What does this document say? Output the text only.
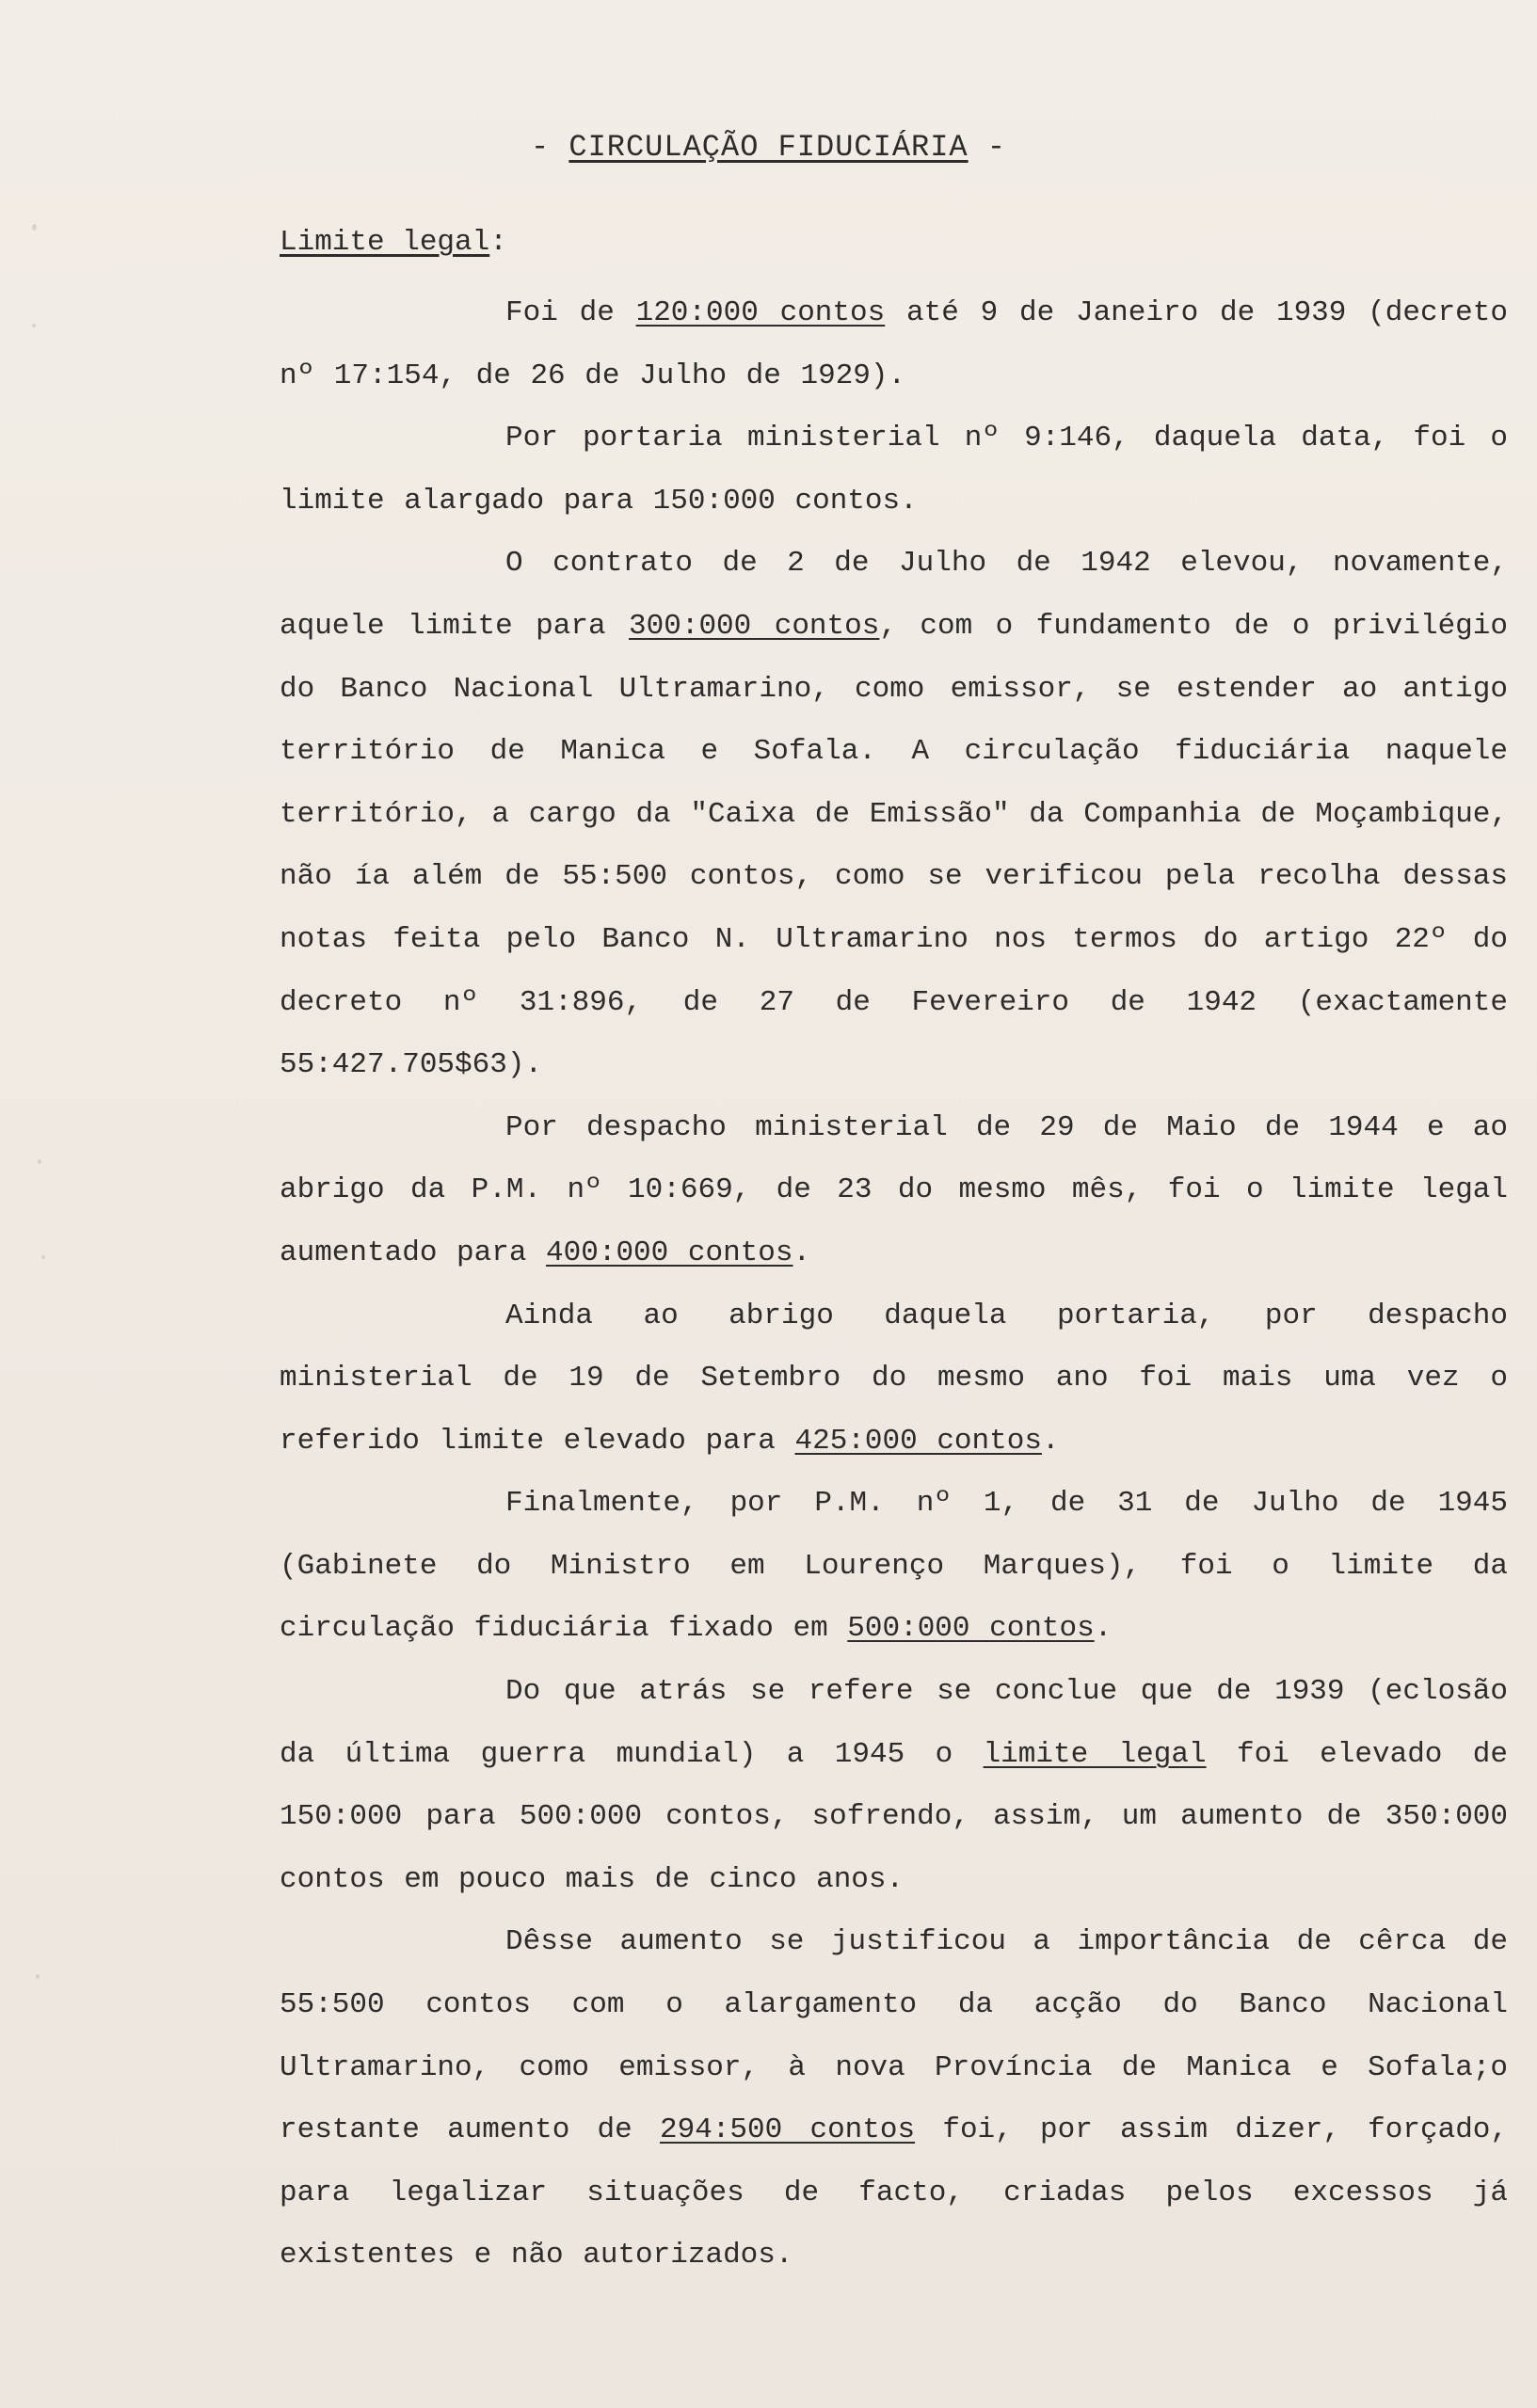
- CIRCULAÇÃO FIDUCIÁRIA -
Limite legal:

Foi de 120:000 contos até 9 de Janeiro de 1939 (decreto nº 17:154, de 26 de Julho de 1929).

Por portaria ministerial nº 9:146, daquela data, foi o limite alargado para 150:000 contos.

O contrato de 2 de Julho de 1942 elevou, novamente, aquele limite para 300:000 contos, com o fundamento de o privilégio do Banco Nacional Ultramarino, como emissor, se estender ao antigo território de Manica e Sofala. A circulação fiduciária naquele território, a cargo da "Caixa de Emissão" da Companhia de Moçambique, não ía além de 55:500 contos, como se verificou pela recolha dessas notas feita pelo Banco N. Ultramarino nos termos do artigo 22º do decreto nº 31:896, de 27 de Fevereiro de 1942 (exactamente 55:427.705$63).

Por despacho ministerial de 29 de Maio de 1944 e ao abrigo da P.M. nº 10:669, de 23 do mesmo mês, foi o limite legal aumentado para 400:000 contos.

Ainda ao abrigo daquela portaria, por despacho ministerial de 19 de Setembro do mesmo ano foi mais uma vez o referido limite elevado para 425:000 contos.

Finalmente, por P.M. nº 1, de 31 de Julho de 1945 (Gabinete do Ministro em Lourenço Marques), foi o limite da circulação fiduciária fixado em 500:000 contos.

Do que atrás se refere se conclue que de 1939 (eclosão da última guerra mundial) a 1945 o limite legal foi elevado de 150:000 para 500:000 contos, sofrendo, assim, um aumento de 350:000 contos em pouco mais de cinco anos.

Dêsse aumento se justificou a importância de cêrca de 55:500 contos com o alargamento da acção do Banco Nacional Ultramarino, como emissor, à nova Província de Manica e Sofala;o restante aumento de 294:500 contos foi, por assim dizer, forçado, para legalizar situações de facto, criadas pelos excessos já existentes e não autorizados.
